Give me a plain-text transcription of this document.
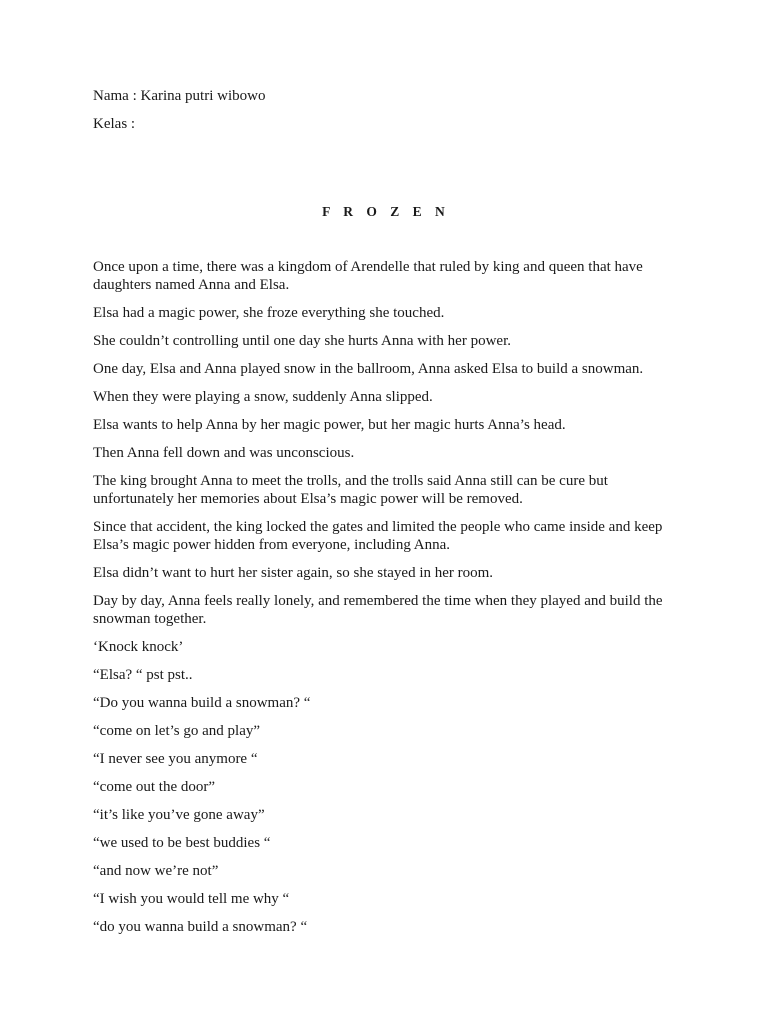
Nama : Karina putri wibowo

Kelas :

F R O Z E N

Once upon a time, there was a kingdom of Arendelle that ruled by king and queen that have daughters named Anna and Elsa.

Elsa had a magic power, she froze everything she touched.

She couldn’t controlling until one day she hurts Anna with her power.

One day, Elsa and Anna played snow in the ballroom, Anna asked Elsa to build a snowman.

When they were playing a snow, suddenly Anna slipped.

Elsa wants to help Anna by her magic power, but her magic hurts Anna’s head.

Then Anna fell down and was unconscious.

The king brought Anna to meet the trolls, and the trolls said Anna still can be cure but unfortunately her memories about Elsa’s magic power will be removed.

Since that accident, the king locked the gates and limited the people who came inside and keep Elsa’s magic power hidden from everyone, including Anna.

Elsa didn’t want to hurt her sister again, so she stayed in her room.

Day by day, Anna feels really lonely, and remembered the time when they played and build the snowman together.

‘Knock knock’

“Elsa? “ pst pst..

“Do you wanna build a snowman? “

“come on let’s go and play”

“I never see you anymore “

“come out the door”

“it’s like you’ve gone away”

“we used to be best buddies “

“and now we’re not”

“I wish you would tell me why “

“do you wanna build a snowman? “
